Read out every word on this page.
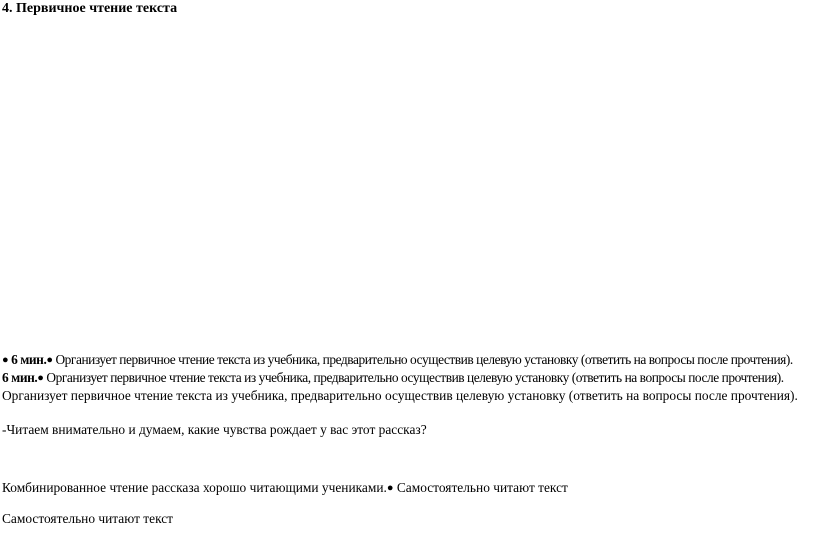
4. Первичное чтение текста
● 6 мин.● Организует первичное чтение текста из учебника, предварительно осуществив целевую установку (ответить на вопросы после прочтения).
6 мин.● Организует первичное чтение текста из учебника, предварительно осуществив целевую установку (ответить на вопросы после прочтения).
Организует первичное чтение текста из учебника, предварительно осуществив целевую установку (ответить на вопросы после прочтения).
-Читаем внимательно и думаем, какие чувства рождает у вас этот рассказ?
Комбинированное чтение рассказа хорошо читающими учениками.● Самостоятельно читают текст
Самостоятельно читают текст
